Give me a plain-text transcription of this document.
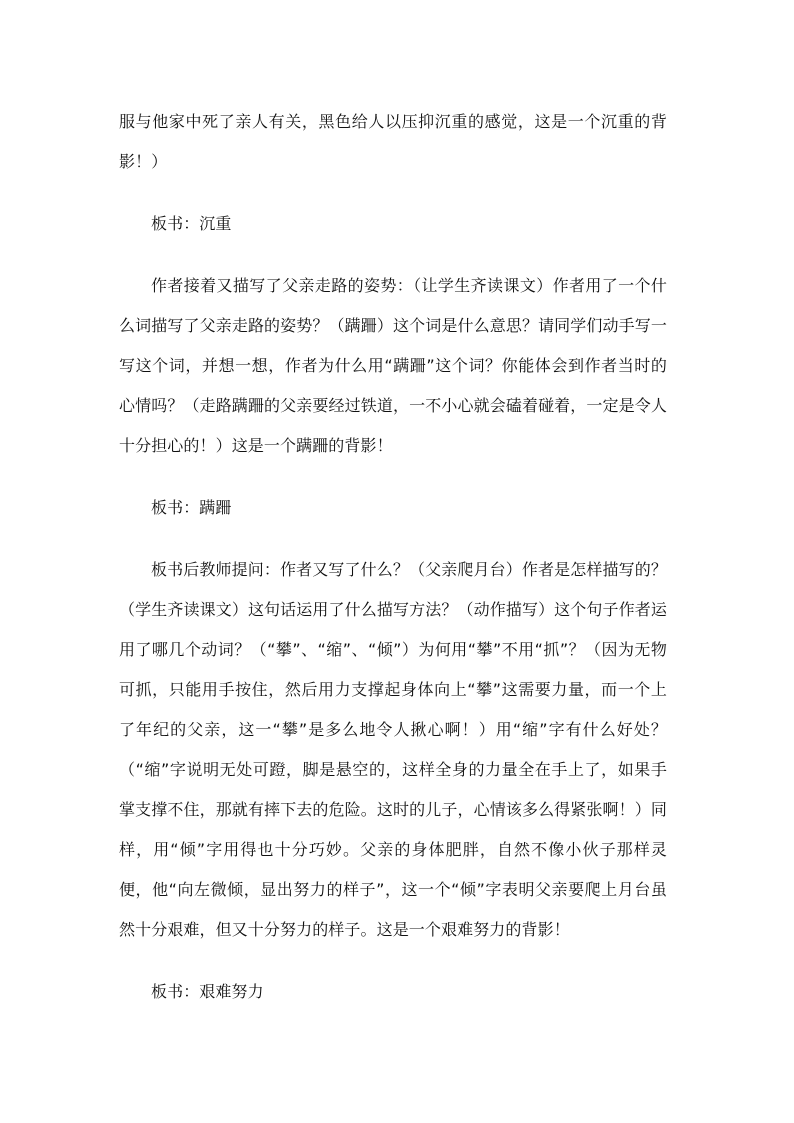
服与他家中死了亲人有关，黑色给人以压抑沉重的感觉，这是一个沉重的背影！）

板书：沉重

作者接着又描写了父亲走路的姿势：（让学生齐读课文）作者用了一个什么词描写了父亲走路的姿势？（蹒跚）这个词是什么意思？请同学们动手写一写这个词，并想一想，作者为什么用“蹒跚”这个词？你能体会到作者当时的心情吗？（走路蹒跚的父亲要经过铁道，一不小心就会磕着碰着，一定是令人十分担心的！）这是一个蹒跚的背影！

板书：蹒跚

板书后教师提问：作者又写了什么？（父亲爬月台）作者是怎样描写的？（学生齐读课文）这句话运用了什么描写方法？（动作描写）这个句子作者运用了哪几个动词？（“攀”、“缩”、“倾”）为何用“攀”不用“抓”？（因为无物可抓，只能用手按住，然后用力支撑起身体向上“攀”这需要力量，而一个上了年纪的父亲，这一“攀”是多么地令人揪心啊！）用“缩”字有什么好处？（“缩”字说明无处可蹬，脚是悬空的，这样全身的力量全在手上了，如果手掌支撑不住，那就有摔下去的危险。这时的儿子，心情该多么得紧张啊！）同样，用“倾”字用得也十分巧妙。父亲的身体肥胖，自然不像小伙子那样灵便，他“向左微倾，显出努力的样子”，这一个“倾”字表明父亲要爬上月台虽然十分艰难，但又十分努力的样子。这是一个艰难努力的背影！

板书：艰难努力
